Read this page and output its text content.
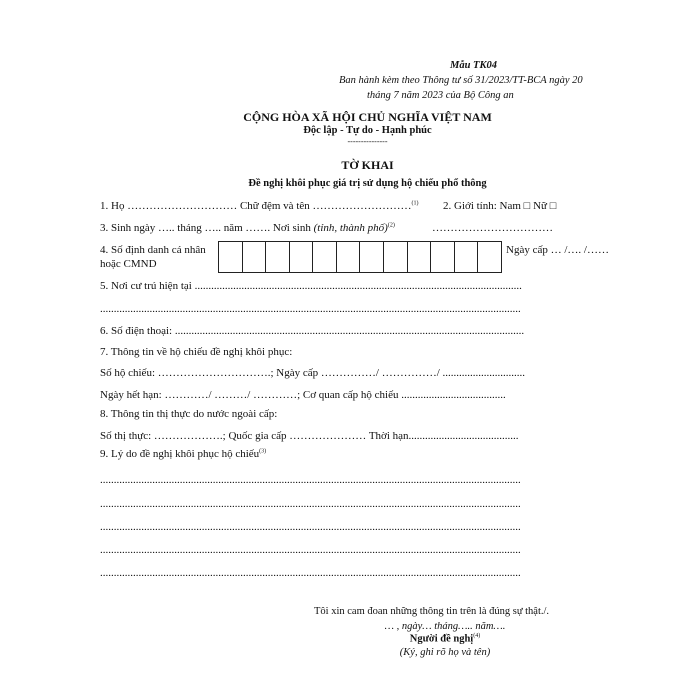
Mẫu TK04
Ban hành kèm theo Thông tư số 31/2023/TT-BCA ngày 20
tháng 7 năm 2023 của Bộ Công an
CỘNG HÒA XÃ HỘI CHỦ NGHĨA VIỆT NAM
Độc lập - Tự do - Hạnh phúc
---------------
TỜ KHAI
Đề nghị khôi phục giá trị sử dụng hộ chiếu phổ thông
1. Họ ………………………… Chữ đệm và tên ………………………$^{(1)}$ 2. Giới tính: Nam □ Nữ □
3. Sinh ngày ….. tháng ….. năm ……. Nơi sinh (tỉnh, thành phố)$^{(2)}$	……………………………
4. Số định danh cá nhân
hoặc CMND
Ngày cấp … /…. /……
5. Nơi cư trú hiện tại .......................................................................................................................
.........................................................................................................................................................
6. Số điện thoại: ...............................................................................................................................
7. Thông tin về hộ chiếu đề nghị khôi phục:
Số hộ chiếu: ………………………….; Ngày cấp ……………/ ……………/ ..............................
Ngày hết hạn: …………/ ………/ …………; Cơ quan cấp hộ chiếu ......................................
8. Thông tin thị thực do nước ngoài cấp:
Số thị thực: ……………….; Quốc gia cấp ………………… Thời hạn........................................
9. Lý do đề nghị khôi phục hộ chiếu$^{(3)}$
.........................................................................................................................................................
.........................................................................................................................................................
.........................................................................................................................................................
.........................................................................................................................................................
.........................................................................................................................................................
Tôi xin cam đoan những thông tin trên là đúng sự thật./.
… , ngày… tháng….. năm….
Người đề nghị$^{(4)}$
(Ký, ghi rõ họ và tên)
